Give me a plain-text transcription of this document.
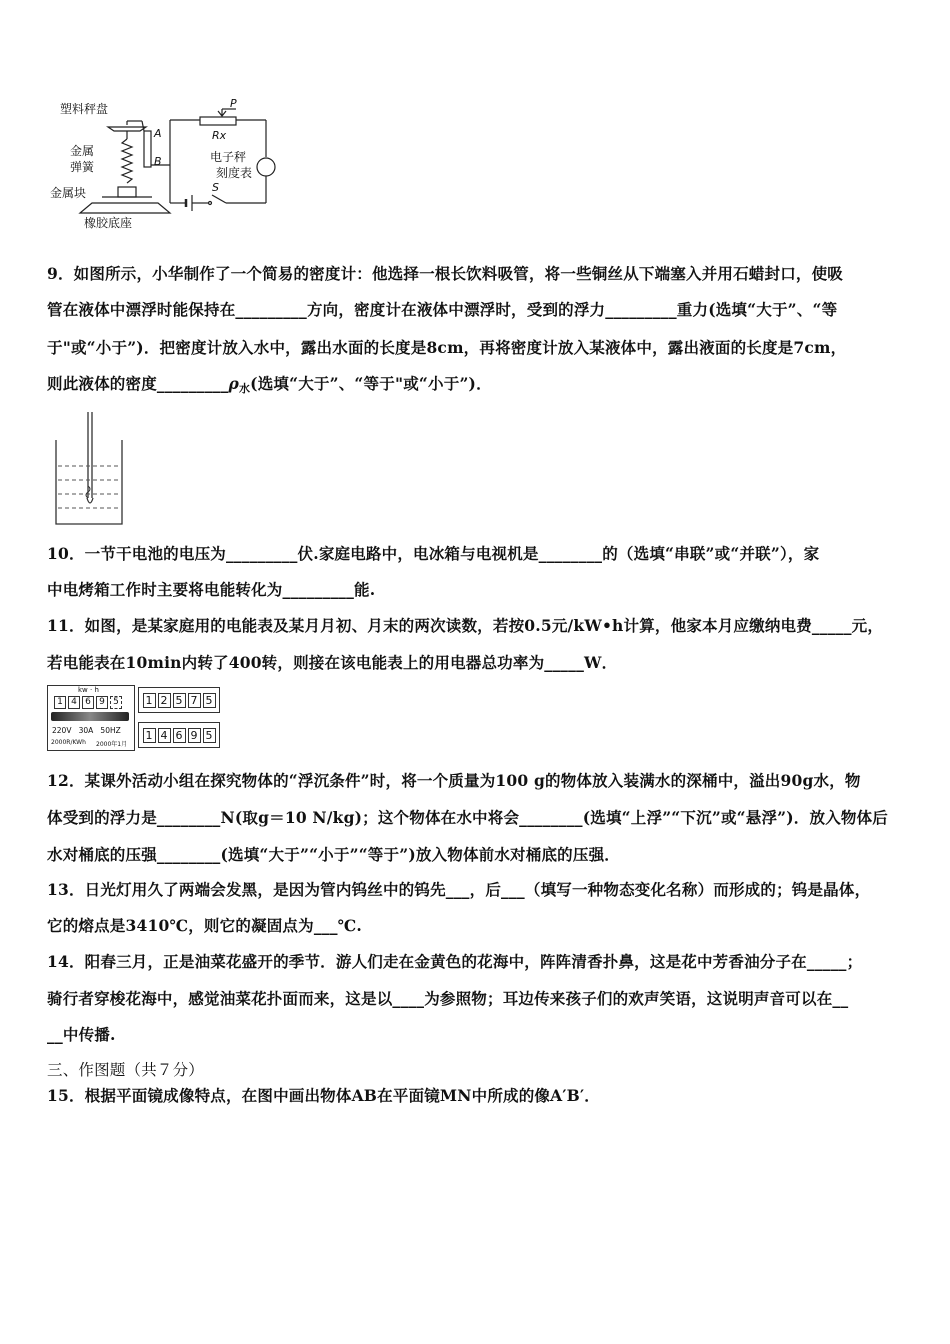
塑料秤盘
金属
弹簧
金属块
橡胶底座
A
B
P
Rx
电子秤
刻度表
S
9．如图所示，小华制作了一个简易的密度计：他选择一根长饮料吸管，将一些铜丝从下端塞入并用石蜡封口，使吸
管在液体中漂浮时能保持在_________方向，密度计在液体中漂浮时，受到的浮力_________重力(选填“大于”、“等
于"或“小于”)．把密度计放入水中，露出水面的长度是8cm，再将密度计放入某液体中，露出液面的长度是7cm，
则此液体的密度$\_\_\_\_\_\_\_\_\_\rho_水$(选填“大于”、“等于"或“小于”)．
10．一节干电池的电压为_________伏.家庭电路中，电冰箱与电视机是________的（选填“串联”或“并联”），家
中电烤箱工作时主要将电能转化为_________能.
11．如图，是某家庭用的电能表及某月月初、月末的两次读数，若按0.5元/kW•h计算，他家本月应缴纳电费_____元，
若电能表在10min内转了400转，则接在该电能表上的用电器总功率为_____W．
kw · h
1 4 6 9 5
220V   30A   50HZ
2000R/KWh 2000年1月
1 2 5 7 5
1 4 6 9 5
12．某课外活动小组在探究物体的“浮沉条件”时，将一个质量为100 g的物体放入装满水的深桶中，溢出90g水，物
体受到的浮力是________N(取g＝10 N/kg)；这个物体在水中将会________(选填“上浮”“下沉”或“悬浮”)．放入物体后
水对桶底的压强________(选填“大于”“小于”“等于”)放入物体前水对桶底的压强．
13．日光灯用久了两端会发黑，是因为管内钨丝中的钨先___，后___（填写一种物态变化名称）而形成的；钨是晶体，
它的熔点是3410℃，则它的凝固点为___℃.
14．阳春三月，正是油菜花盛开的季节．游人们走在金黄色的花海中，阵阵清香扑鼻，这是花中芳香油分子在_____；
骑行者穿梭花海中，感觉油菜花扑面而来，这是以____为参照物；耳边传来孩子们的欢声笑语，这说明声音可以在__
__中传播.
三、作图题（共７分）
15．根据平面镜成像特点，在图中画出物体AB在平面镜MN中所成的像A′B′．
